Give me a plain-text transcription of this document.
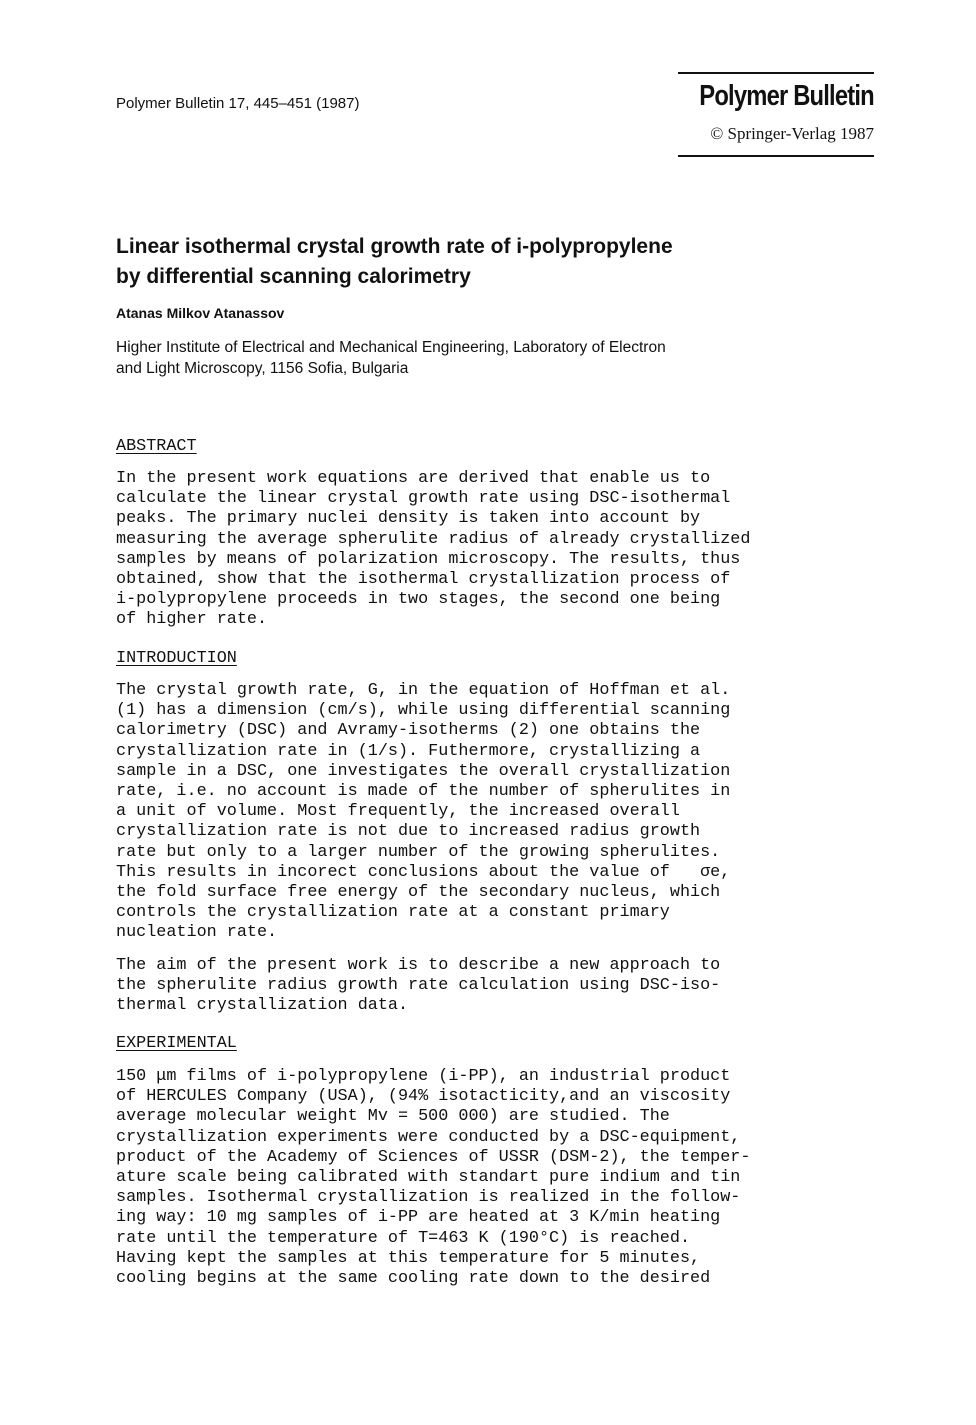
Polymer Bulletin 17, 445–451 (1987)	Polymer Bulletin
© Springer-Verlag 1987
Linear isothermal crystal growth rate of i-polypropylene
by differential scanning calorimetry
Atanas Milkov Atanassov
Higher Institute of Electrical and Mechanical Engineering, Laboratory of Electron
and Light Microscopy, 1156 Sofia, Bulgaria
ABSTRACT
In the present work equations are derived that enable us to
calculate the linear crystal growth rate using DSC-isothermal
peaks. The primary nuclei density is taken into account by
measuring the average spherulite radius of already crystallized
samples by means of polarization microscopy. The results, thus
obtained, show that the isothermal crystallization process of
i-polypropylene proceeds in two stages, the second one being
of higher rate.
INTRODUCTION
The crystal growth rate, G, in the equation of Hoffman et al.
(1) has a dimension (cm/s), while using differential scanning
calorimetry (DSC) and Avramy-isotherms (2) one obtains the
crystallization rate in (1/s). Futhermore, crystallizing a
sample in a DSC, one investigates the overall crystallization
rate, i.e. no account is made of the number of spherulites in
a unit of volume. Most frequently, the increased overall
crystallization rate is not due to increased radius growth
rate but only to a larger number of the growing spherulites.
This results in incorect conclusions about the value of   σe,
the fold surface free energy of the secondary nucleus, which
controls the crystallization rate at a constant primary
nucleation rate.
The aim of the present work is to describe a new approach to
the spherulite radius growth rate calculation using DSC-iso-
thermal crystallization data.
EXPERIMENTAL
150 μm films of i-polypropylene (i-PP), an industrial product
of HERCULES Company (USA), (94% isotacticity,and an viscosity
average molecular weight Mv = 500 000) are studied. The
crystallization experiments were conducted by a DSC-equipment,
product of the Academy of Sciences of USSR (DSM-2), the temper-
ature scale being calibrated with standart pure indium and tin
samples. Isothermal crystallization is realized in the follow-
ing way: 10 mg samples of i-PP are heated at 3 K/min heating
rate until the temperature of T=463 K (190°C) is reached.
Having kept the samples at this temperature for 5 minutes,
cooling begins at the same cooling rate down to the desired
